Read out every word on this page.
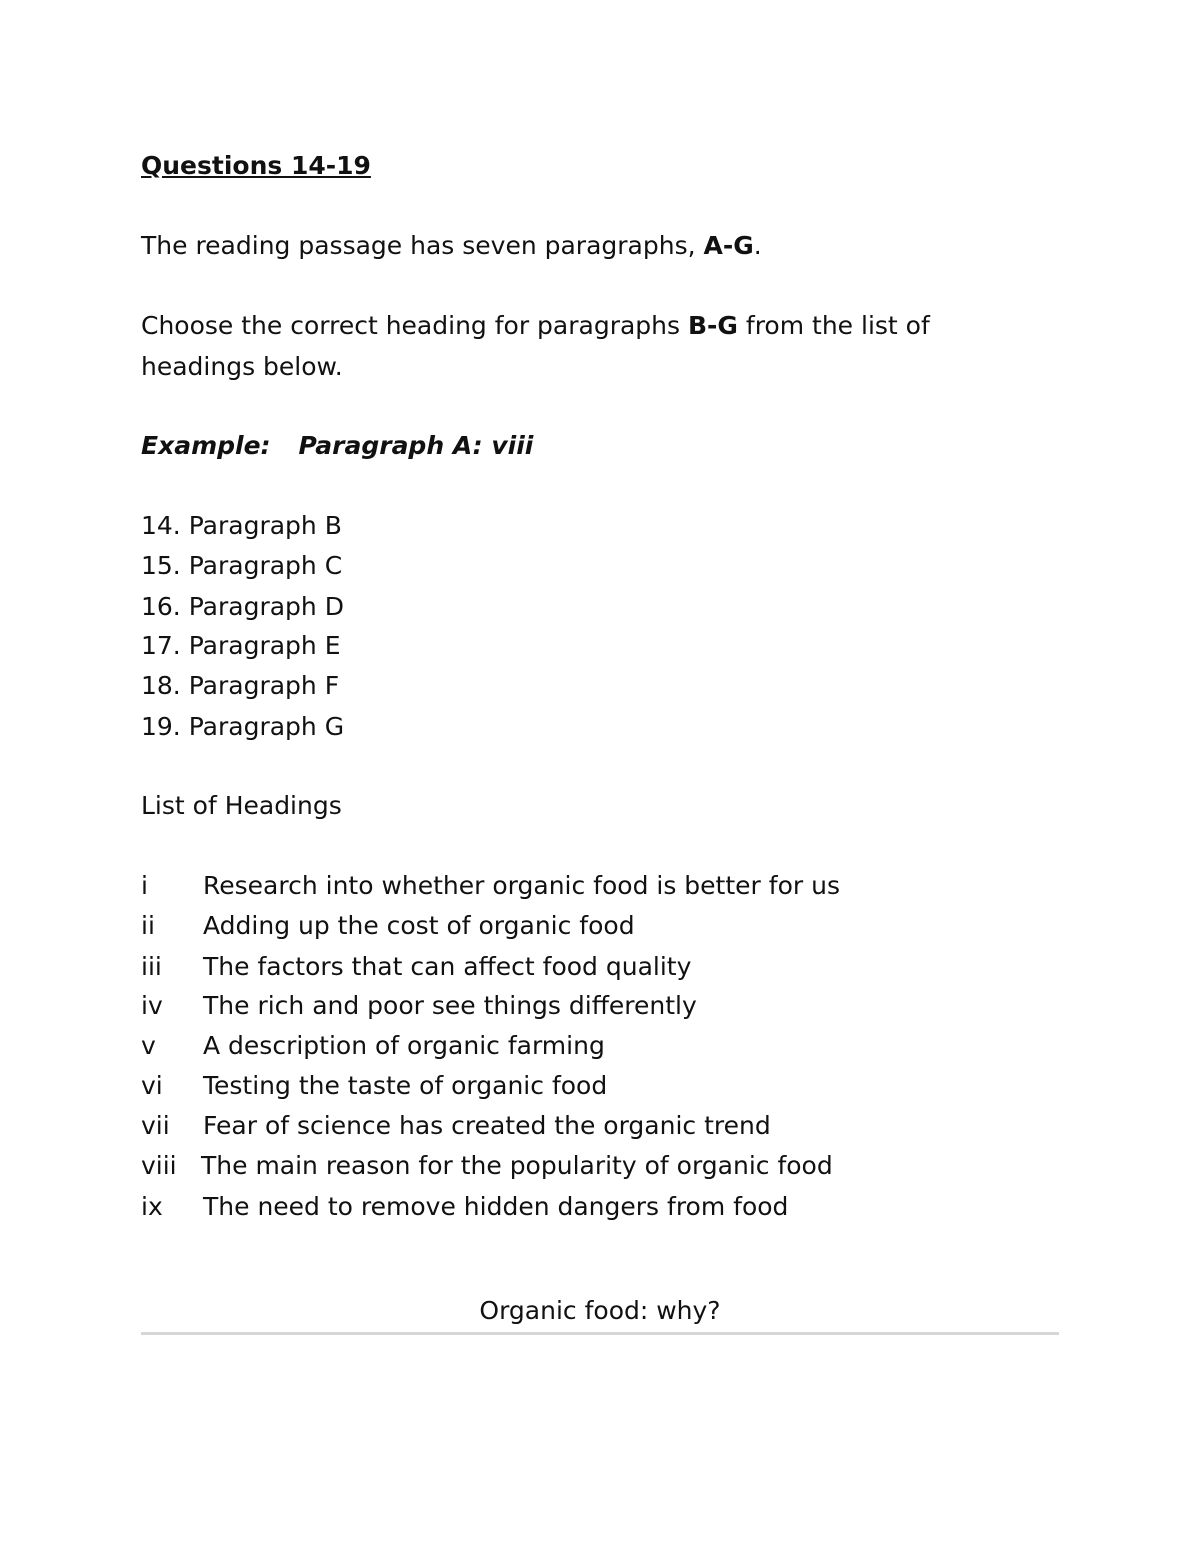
Questions 14-19
The reading passage has seven paragraphs, A-G.
Choose the correct heading for paragraphs B-G from the list of
headings below.
Example: Paragraph A: viii
14. Paragraph B
15. Paragraph C
16. Paragraph D
17. Paragraph E
18. Paragraph F
19. Paragraph G
List of Headings
i Research into whether organic food is better for us
ii Adding up the cost of organic food
iii The factors that can affect food quality
iv The rich and poor see things differently
v A description of organic farming
vi Testing the taste of organic food
vii Fear of science has created the organic trend
viii The main reason for the popularity of organic food
ix The need to remove hidden dangers from food
Organic food: why?
